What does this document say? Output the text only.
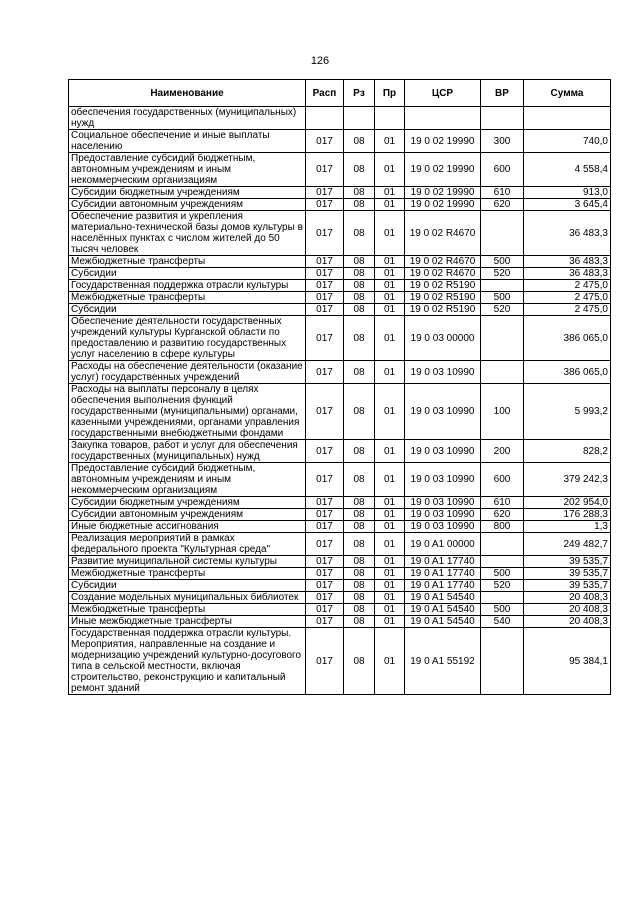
126
Наименование	Расп	Рз	Пр	ЦСР	ВР	Сумма
обеспечения государственных (муниципальных) нужд						
Социальное обеспечение и иные выплаты населению	017	08	01	19 0 02 19990	300	740,0
Предоставление субсидий бюджетным, автономным учреждениям и иным некоммерческим организациям	017	08	01	19 0 02 19990	600	4 558,4
Субсидии бюджетным учреждениям	017	08	01	19 0 02 19990	610	913,0
Субсидии автономным учреждениям	017	08	01	19 0 02 19990	620	3 645,4
Обеспечение развития и укрепления материально-технической базы домов культуры в населённых пунктах с числом жителей до 50 тысяч человек	017	08	01	19 0 02 R4670		36 483,3
Межбюджетные трансферты	017	08	01	19 0 02 R4670	500	36 483,3
Субсидии	017	08	01	19 0 02 R4670	520	36 483,3
Государственная поддержка отрасли культуры	017	08	01	19 0 02 R5190		2 475,0
Межбюджетные трансферты	017	08	01	19 0 02 R5190	500	2 475,0
Субсидии	017	08	01	19 0 02 R5190	520	2 475,0
Обеспечение деятельности государственных учреждений культуры Курганской области по предоставлению и развитию государственных услуг населению в сфере культуры	017	08	01	19 0 03 00000		386 065,0
Расходы на обеспечение деятельности (оказание услуг) государственных учреждений	017	08	01	19 0 03 10990		386 065,0
Расходы на выплаты персоналу в целях обеспечения выполнения функций государственными (муниципальными) органами, казенными учреждениями, органами управления государственными внебюджетными фондами	017	08	01	19 0 03 10990	100	5 993,2
Закупка товаров, работ и услуг для обеспечения государственных (муниципальных) нужд	017	08	01	19 0 03 10990	200	828,2
Предоставление субсидий бюджетным, автономным учреждениям и иным некоммерческим организациям	017	08	01	19 0 03 10990	600	379 242,3
Субсидии бюджетным учреждениям	017	08	01	19 0 03 10990	610	202 954,0
Субсидии автономным учреждениям	017	08	01	19 0 03 10990	620	176 288,3
Иные бюджетные ассигнования	017	08	01	19 0 03 10990	800	1,3
Реализация мероприятий в рамках федерального проекта "Культурная среда"	017	08	01	19 0 A1 00000		249 482,7
Развитие муниципальной системы культуры	017	08	01	19 0 A1 17740		39 535,7
Межбюджетные трансферты	017	08	01	19 0 A1 17740	500	39 535,7
Субсидии	017	08	01	19 0 A1 17740	520	39 535,7
Создание модельных муниципальных библиотек	017	08	01	19 0 A1 54540		20 408,3
Межбюджетные трансферты	017	08	01	19 0 A1 54540	500	20 408,3
Иные межбюджетные трансферты	017	08	01	19 0 A1 54540	540	20 408,3
Государственная поддержка отрасли культуры. Мероприятия, направленные на создание и модернизацию учреждений культурно-досугового типа в сельской местности, включая строительство, реконструкцию и капитальный ремонт зданий	017	08	01	19 0 A1 55192		95 384,1
